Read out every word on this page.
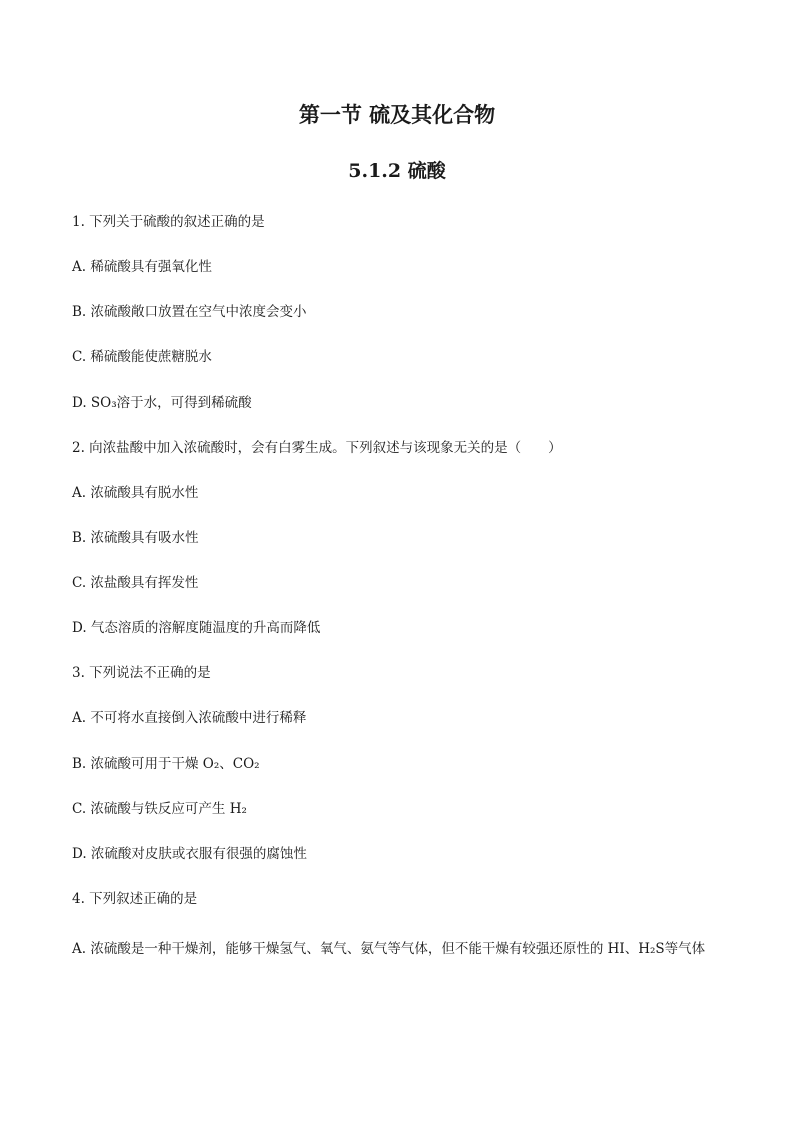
第一节 硫及其化合物
5.1.2 硫酸
1. 下列关于硫酸的叙述正确的是
A. 稀硫酸具有强氧化性
B. 浓硫酸敞口放置在空气中浓度会变小
C. 稀硫酸能使蔗糖脱水
D. SO₃溶于水，可得到稀硫酸
2. 向浓盐酸中加入浓硫酸时，会有白雾生成。下列叙述与该现象无关的是（　　）
A. 浓硫酸具有脱水性
B. 浓硫酸具有吸水性
C. 浓盐酸具有挥发性
D. 气态溶质的溶解度随温度的升高而降低
3. 下列说法不正确的是
A. 不可将水直接倒入浓硫酸中进行稀释
B. 浓硫酸可用于干燥 O₂、CO₂
C. 浓硫酸与铁反应可产生 H₂
D. 浓硫酸对皮肤或衣服有很强的腐蚀性
4. 下列叙述正确的是
A. 浓硫酸是一种干燥剂，能够干燥氢气、氧气、氨气等气体，但不能干燥有较强还原性的 HI、H₂S等气体
